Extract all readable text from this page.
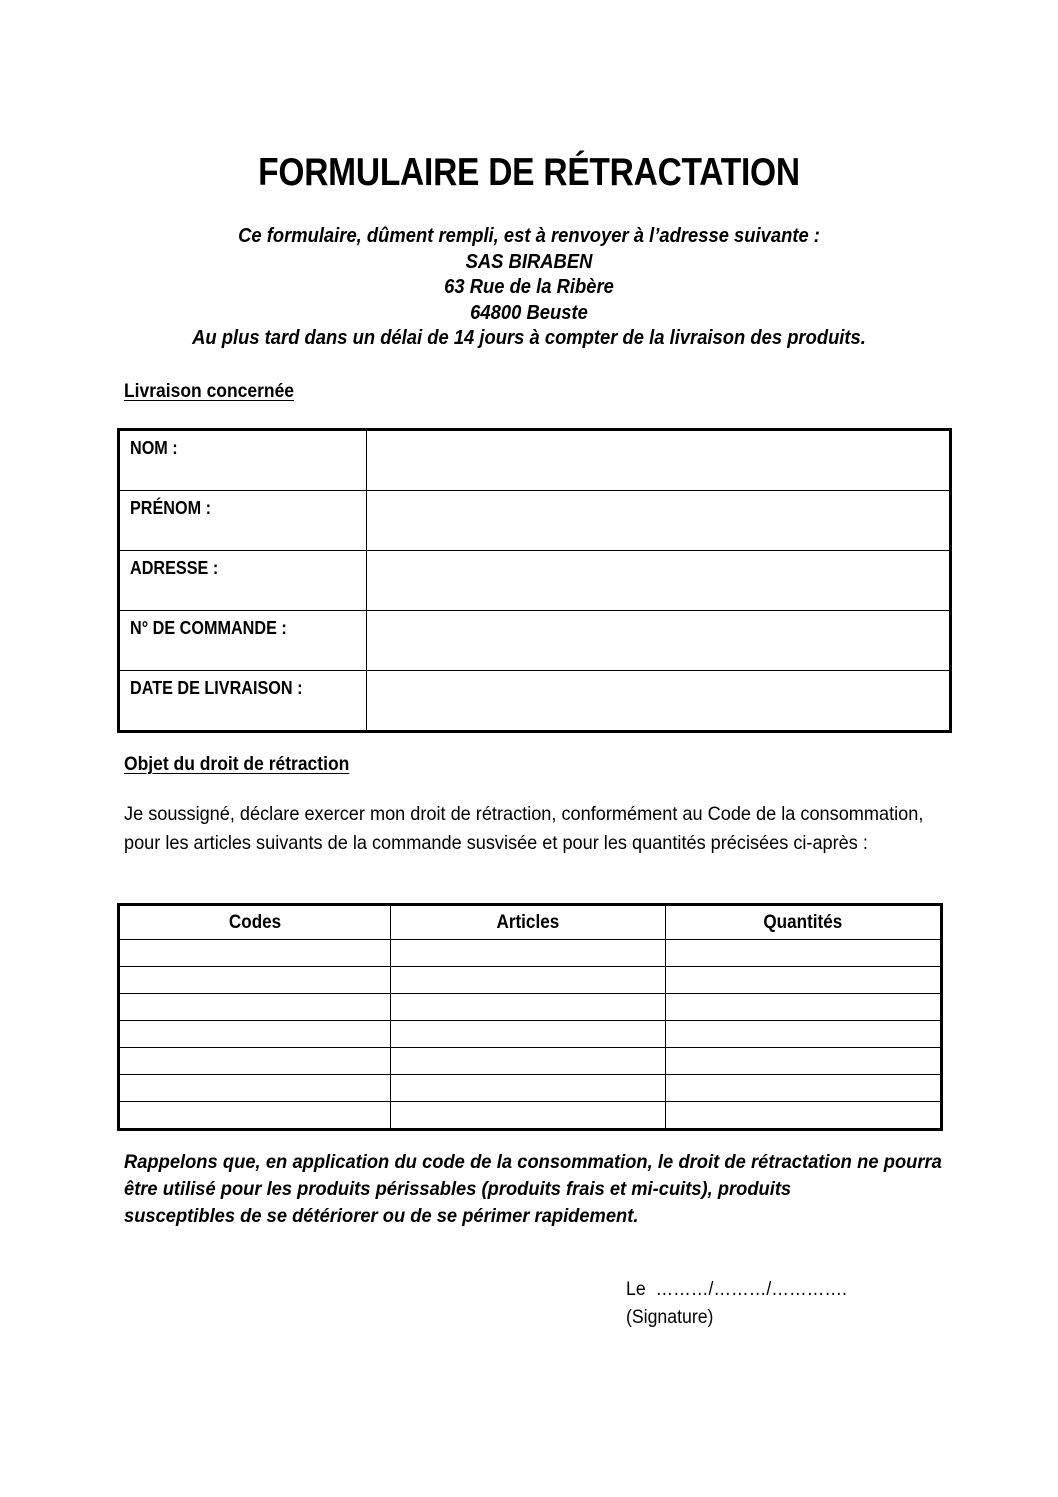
FORMULAIRE DE RÉTRACTATION
Ce formulaire, dûment rempli, est à renvoyer à l’adresse suivante :
SAS BIRABEN
63 Rue de la Ribère
64800 Beuste
Au plus tard dans un délai de 14 jours à compter de la livraison des produits.
Livraison concernée
NOM :	
PRÉNOM :	
ADRESSE :	
N° DE COMMANDE :	
DATE DE LIVRAISON :	
Objet du droit de rétraction
Je soussigné, déclare exercer mon droit de rétraction, conformément au Code de la consommation, pour les articles suivants de la commande susvisée et pour les quantités précisées ci-après :
Codes	Articles	Quantités

Rappelons que, en application du code de la consommation, le droit de rétractation ne pourra être utilisé pour les produits périssables (produits frais et mi-cuits), produits
susceptibles de se détériorer ou de se périmer rapidement.
Le  ………/………/………….
(Signature)
